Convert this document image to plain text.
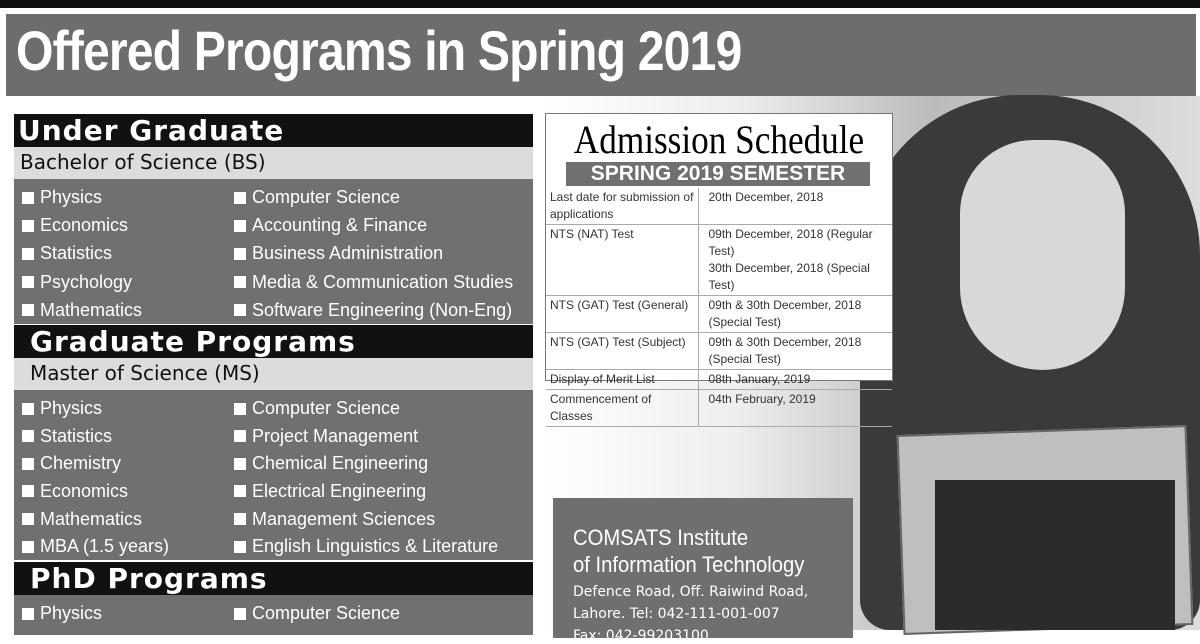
Offered Programs in Spring 2019
Under Graduate
Bachelor of Science (BS)
Physics	Computer Science
Economics	Accounting & Finance
Statistics	Business Administration
Psychology	Media & Communication Studies
Mathematics	Software Engineering (Non-Eng)
Graduate Programs
Master of Science (MS)
Physics	Computer Science
Statistics	Project Management
Chemistry	Chemical Engineering
Economics	Electrical Engineering
Mathematics	Management Sciences
MBA (1.5 years)	English Linguistics & Literature
PhD Programs
Physics	Computer Science
Admission Schedule
SPRING 2019 SEMESTER
Last date for submission of applications	20th December, 2018
NTS (NAT) Test	09th December, 2018 (Regular Test)
30th December, 2018 (Special Test)
NTS (GAT) Test (General)	09th & 30th December, 2018
(Special Test)
NTS (GAT) Test (Subject)	09th & 30th December, 2018
(Special Test)
Display of Merit List	08th January, 2019
Commencement of Classes	04th February, 2019
COMSATS Institute
of Information Technology
Defence Road, Off. Raiwind Road,
Lahore. Tel: 042-111-001-007
Fax: 042-99203100
